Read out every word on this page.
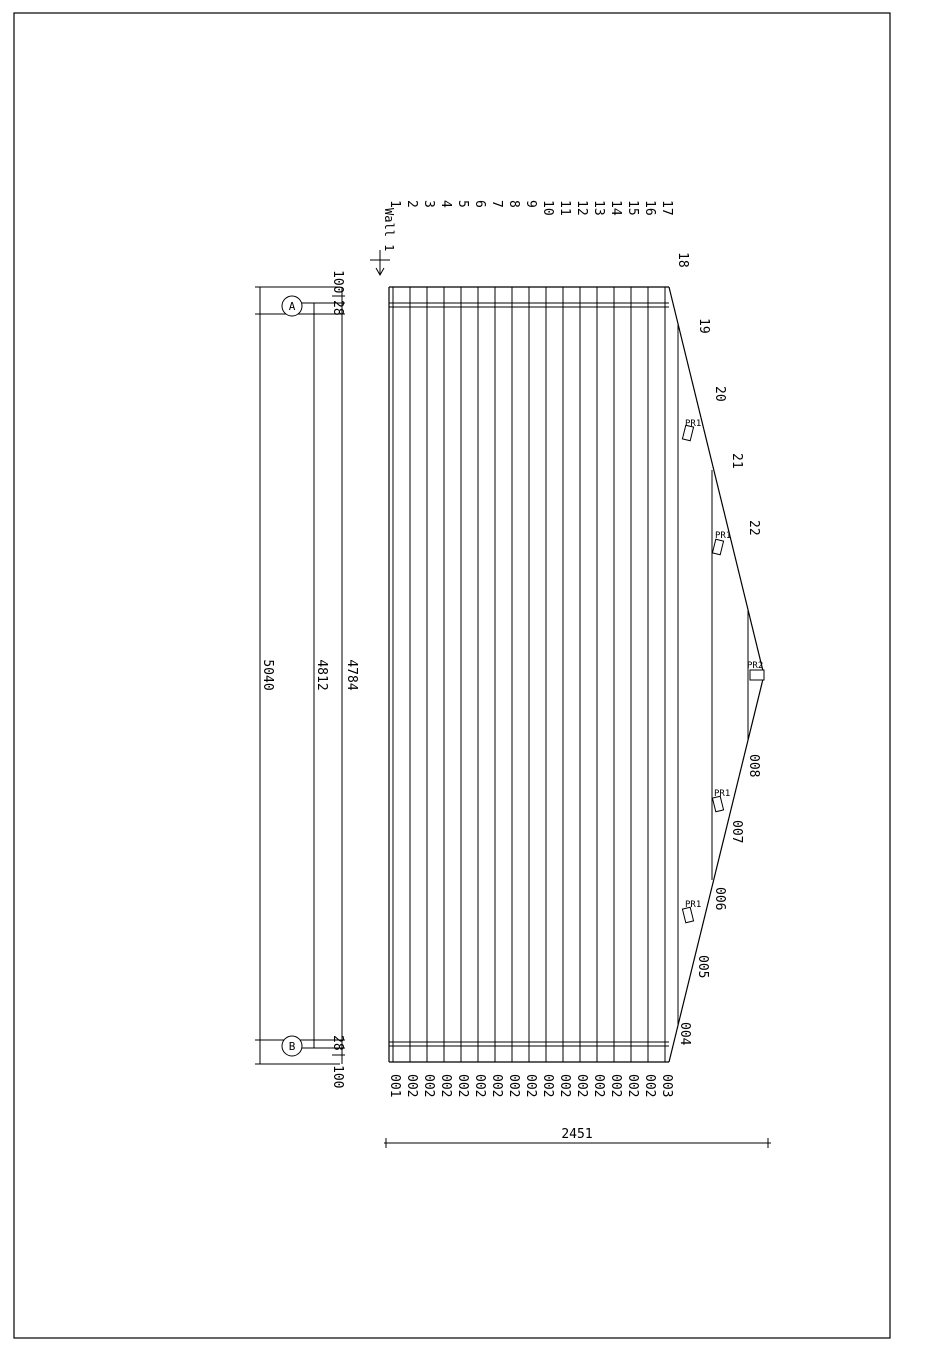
PR1
PR1
PR2
PR1
PR1
Wall 1
1 2 3 4 5 6 7 8 9 10 11 12 13 14 15 16 17
001 002 002 002 002 002 002 002 002 002 002 002 002 002 002 002 003
18
19
20
21
22
008
007
006
005
004
A
B
5040	4812 4784
100
28
28
100
2451
